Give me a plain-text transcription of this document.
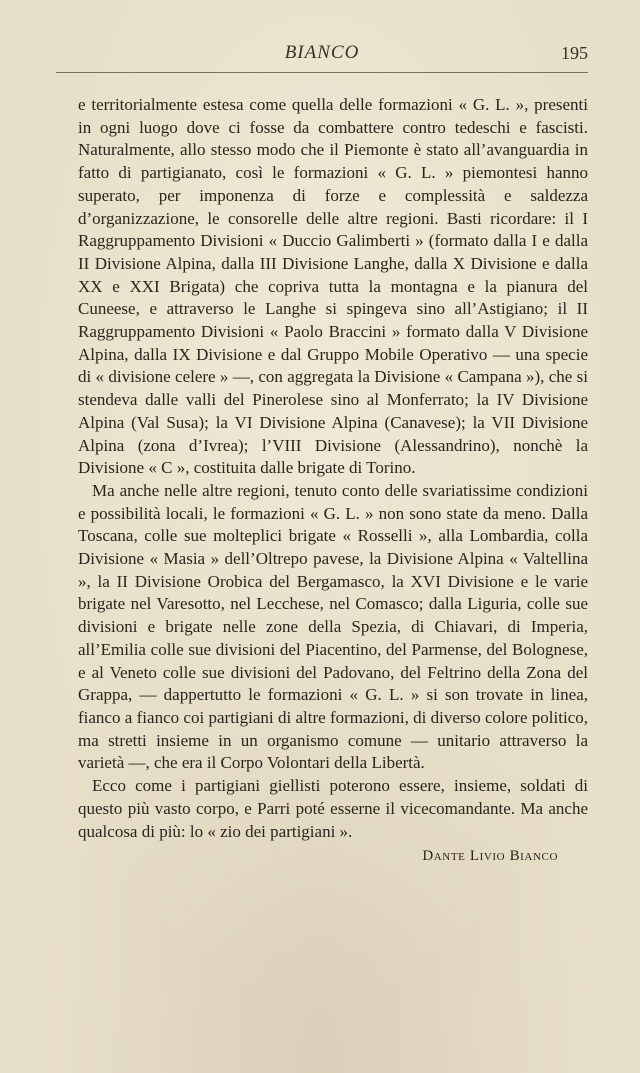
BIANCO	195

e territorialmente estesa come quella delle formazioni « G. L. », presenti in ogni luogo dove ci fosse da combattere contro tedeschi e fascisti. Naturalmente, allo stesso modo che il Piemonte è stato all’avanguardia in fatto di partigianato, così le formazioni « G. L. » piemontesi hanno superato, per imponenza di forze e complessità e saldezza d’organizzazione, le consorelle delle altre regioni. Basti ricordare: il I Raggruppamento Divisioni « Duccio Galimberti » (formato dalla I e dalla II Divisione Alpina, dalla III Divisione Langhe, dalla X Divisione e dalla XX e XXI Brigata) che copriva tutta la montagna e la pianura del Cuneese, e attraverso le Langhe si spingeva sino all’Astigiano; il II Raggruppamento Divisioni « Paolo Braccini » formato dalla V Divisione Alpina, dalla IX Divisione e dal Gruppo Mobile Operativo — una specie di « divisione celere » —, con aggregata la Divisione « Campana »), che si stendeva dalle valli del Pinerolese sino al Monferrato; la IV Divisione Alpina (Val Susa); la VI Divisione Alpina (Canavese); la VII Divisione Alpina (zona d’Ivrea); l’VIII Divisione (Alessandrino), nonchè la Divisione « C », costituita dalle brigate di Torino.

Ma anche nelle altre regioni, tenuto conto delle svariatissime condizioni e possibilità locali, le formazioni « G. L. » non sono state da meno. Dalla Toscana, colle sue molteplici brigate « Rosselli », alla Lombardia, colla Divisione « Masia » dell’Oltrepo pavese, la Divisione Alpina « Valtellina », la II Divisione Orobica del Bergamasco, la XVI Divisione e le varie brigate nel Varesotto, nel Lecchese, nel Comasco; dalla Liguria, colle sue divisioni e brigate nelle zone della Spezia, di Chiavari, di Imperia, all’Emilia colle sue divisioni del Piacentino, del Parmense, del Bolognese, e al Veneto colle sue divisioni del Padovano, del Feltrino della Zona del Grappa, — dappertutto le formazioni « G. L. » si son trovate in linea, fianco a fianco coi partigiani di altre formazioni, di diverso colore politico, ma stretti insieme in un organismo comune — unitario attraverso la varietà —, che era il Corpo Volontari della Libertà.

Ecco come i partigiani giellisti poterono essere, insieme, soldati di questo più vasto corpo, e Parri poté esserne il vicecomandante. Ma anche qualcosa di più: lo « zio dei partigiani ».

Dante Livio Bianco
